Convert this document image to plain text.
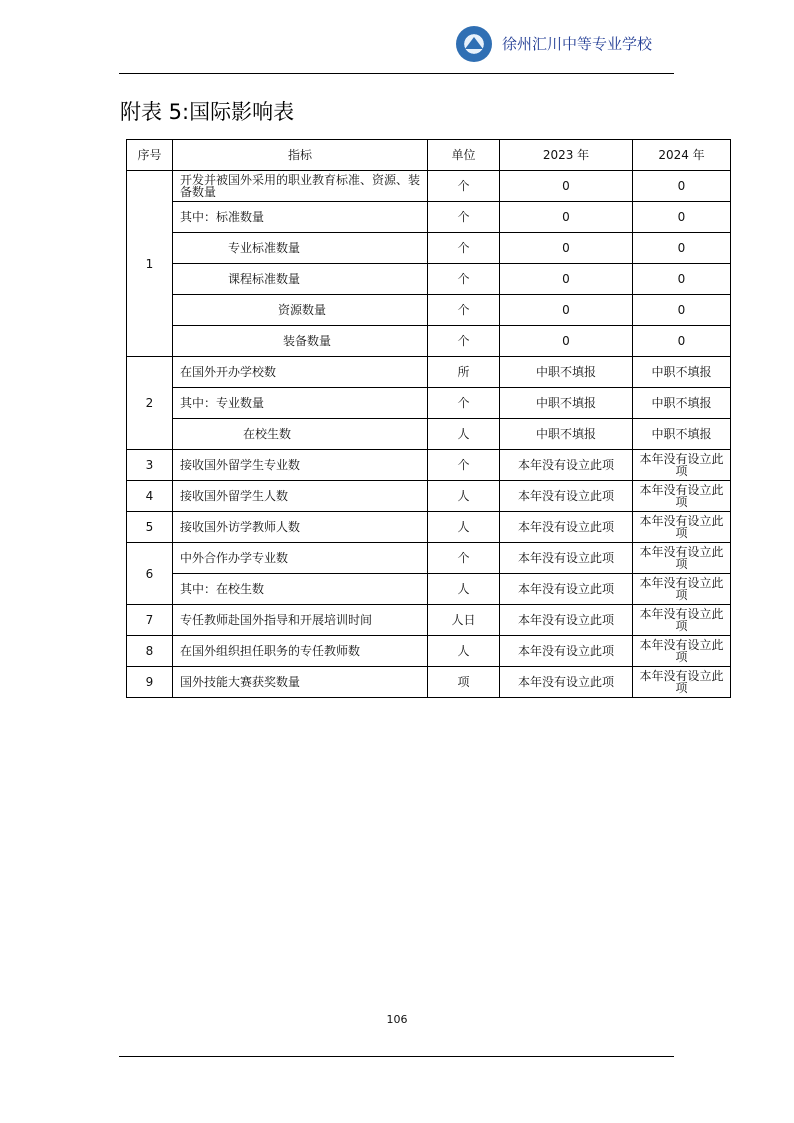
徐州汇川中等专业学校
附表 5:国际影响表
序号	指标	单位	2023 年	2024 年
1	开发并被国外采用的职业教育标准、资源、装备数量	个	0	0
	其中：标准数量	个	0	0
	专业标准数量	个	0	0
	课程标准数量	个	0	0
	资源数量	个	0	0
	装备数量	个	0	0
2	在国外开办学校数	所	中职不填报	中职不填报
	其中：专业数量	个	中职不填报	中职不填报
	在校生数	人	中职不填报	中职不填报
3	接收国外留学生专业数	个	本年没有设立此项	本年没有设立此项
4	接收国外留学生人数	人	本年没有设立此项	本年没有设立此项
5	接收国外访学教师人数	人	本年没有设立此项	本年没有设立此项
6	中外合作办学专业数	个	本年没有设立此项	本年没有设立此项
	其中：在校生数	人	本年没有设立此项	本年没有设立此项
7	专任教师赴国外指导和开展培训时间	人日	本年没有设立此项	本年没有设立此项
8	在国外组织担任职务的专任教师数	人	本年没有设立此项	本年没有设立此项
9	国外技能大赛获奖数量	项	本年没有设立此项	本年没有设立此项
106
